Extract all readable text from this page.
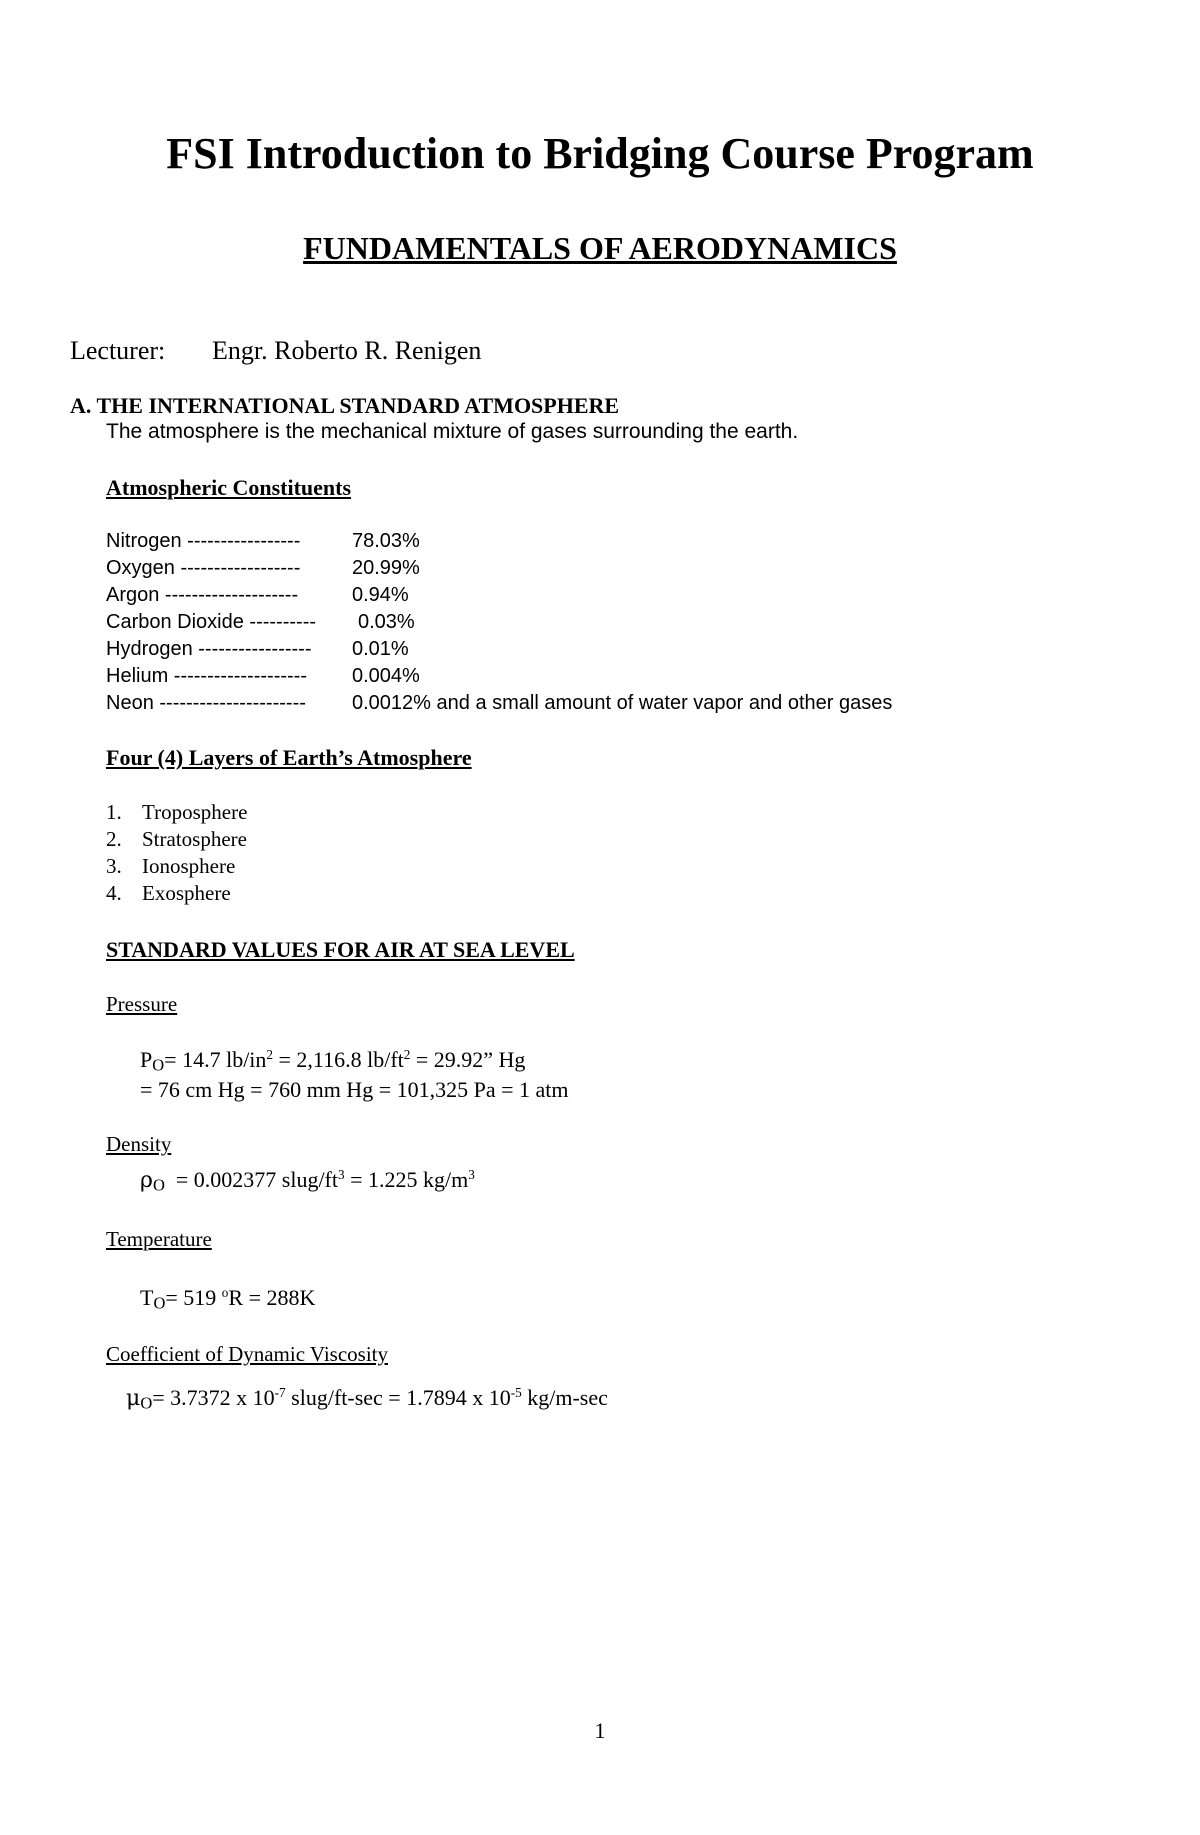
FSI Introduction to Bridging Course Program
FUNDAMENTALS OF AERODYNAMICS
Lecturer: Engr. Roberto R. Renigen
A. THE INTERNATIONAL STANDARD ATMOSPHERE
The atmosphere is the mechanical mixture of gases surrounding the earth.
Atmospheric Constituents
Nitrogen -----------------	78.03%
Oxygen ------------------	20.99%
Argon --------------------	0.94%
Carbon Dioxide ---------- 0.03%
Hydrogen ----------------- 0.01%
Helium -------------------- 0.004%
Neon ---------------------- 0.0012% and a small amount of water vapor and other gases
Four (4) Layers of Earth’s Atmosphere
1. Troposphere
2. Stratosphere
3. Ionosphere
4. Exosphere
STANDARD VALUES FOR AIR AT SEA LEVEL
Pressure
$P_O= 14.7$ $lb/in^2 = 2,116.8$ $lb/ft^2 = 29.92$” Hg
= 76 cm Hg = 760 mm Hg = 101,325 Pa = 1 atm
Density
$\rho_O = 0.002377$ slug/$ft^3 = 1.225$ $kg/m^3$
Temperature
$T_O= 519$ $^o$R = 288K
Coefficient of Dynamic Viscosity
$\mu_O= 3.7372$ x $10^{-7}$ slug/ft-sec = 1.7894 x $10^{-5}$ kg/m-sec
1
